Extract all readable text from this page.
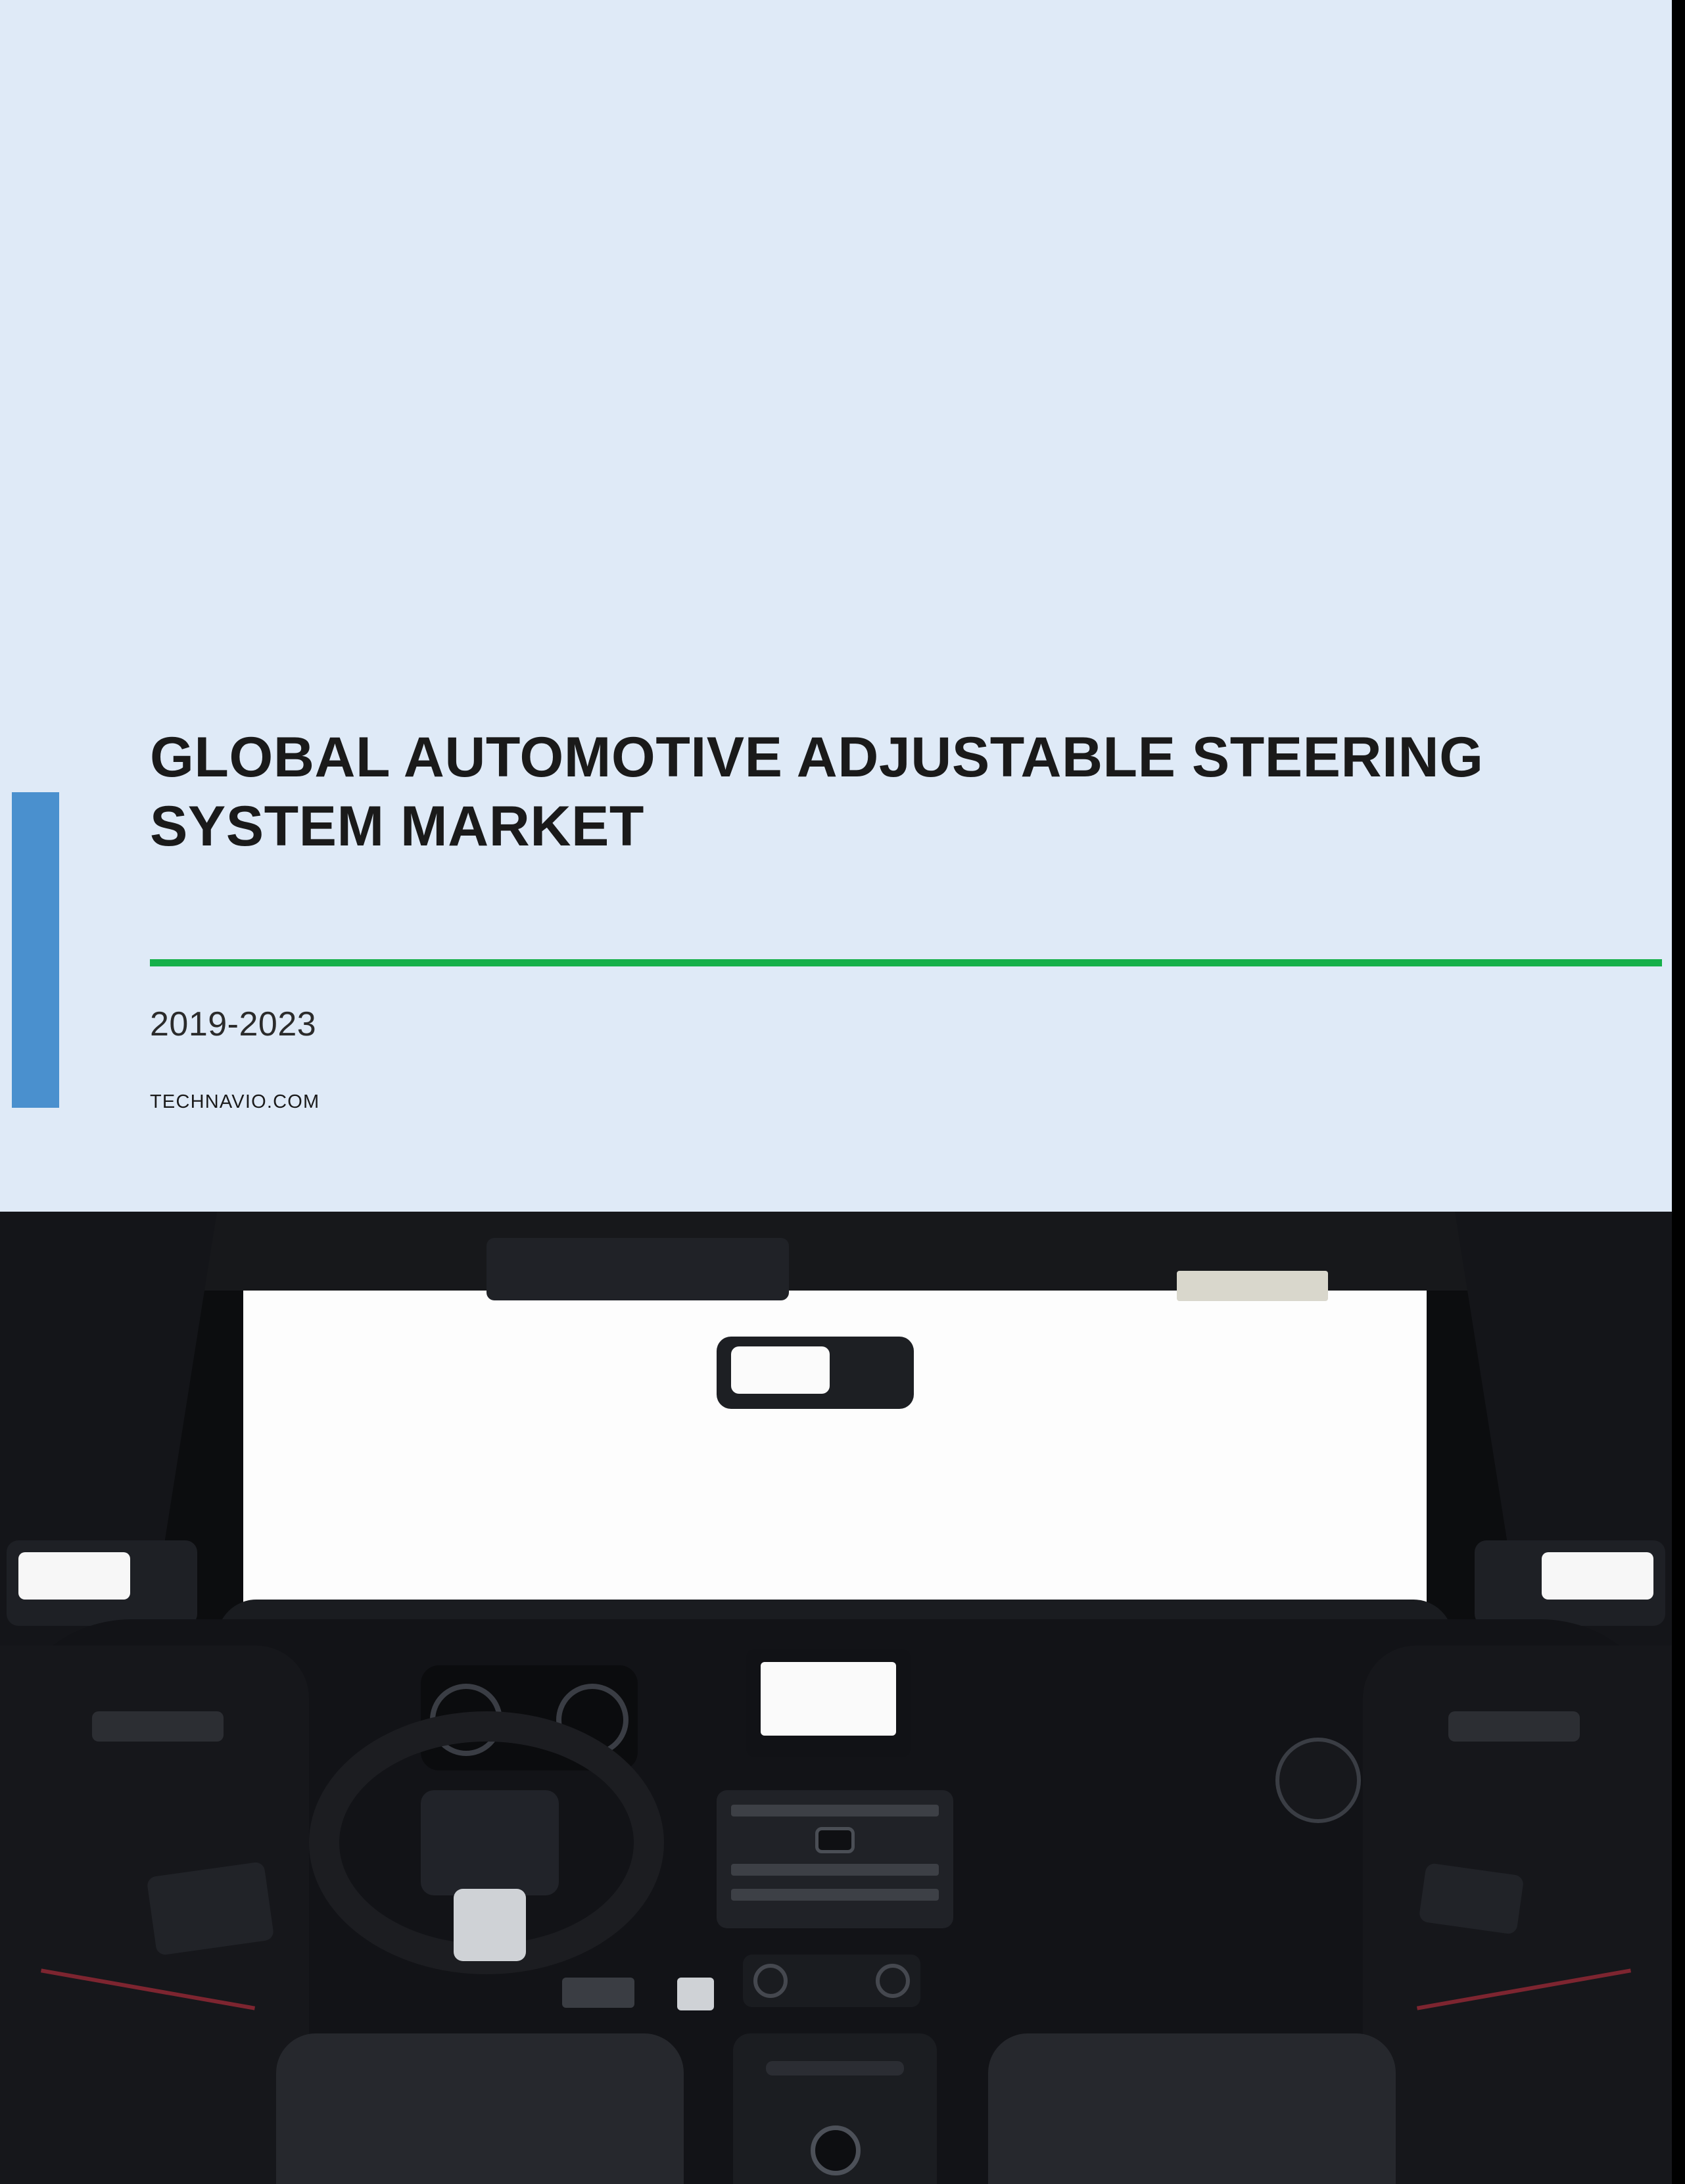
GLOBAL AUTOMOTIVE ADJUSTABLE STEERING SYSTEM MARKET
2019-2023
TECHNAVIO.COM
